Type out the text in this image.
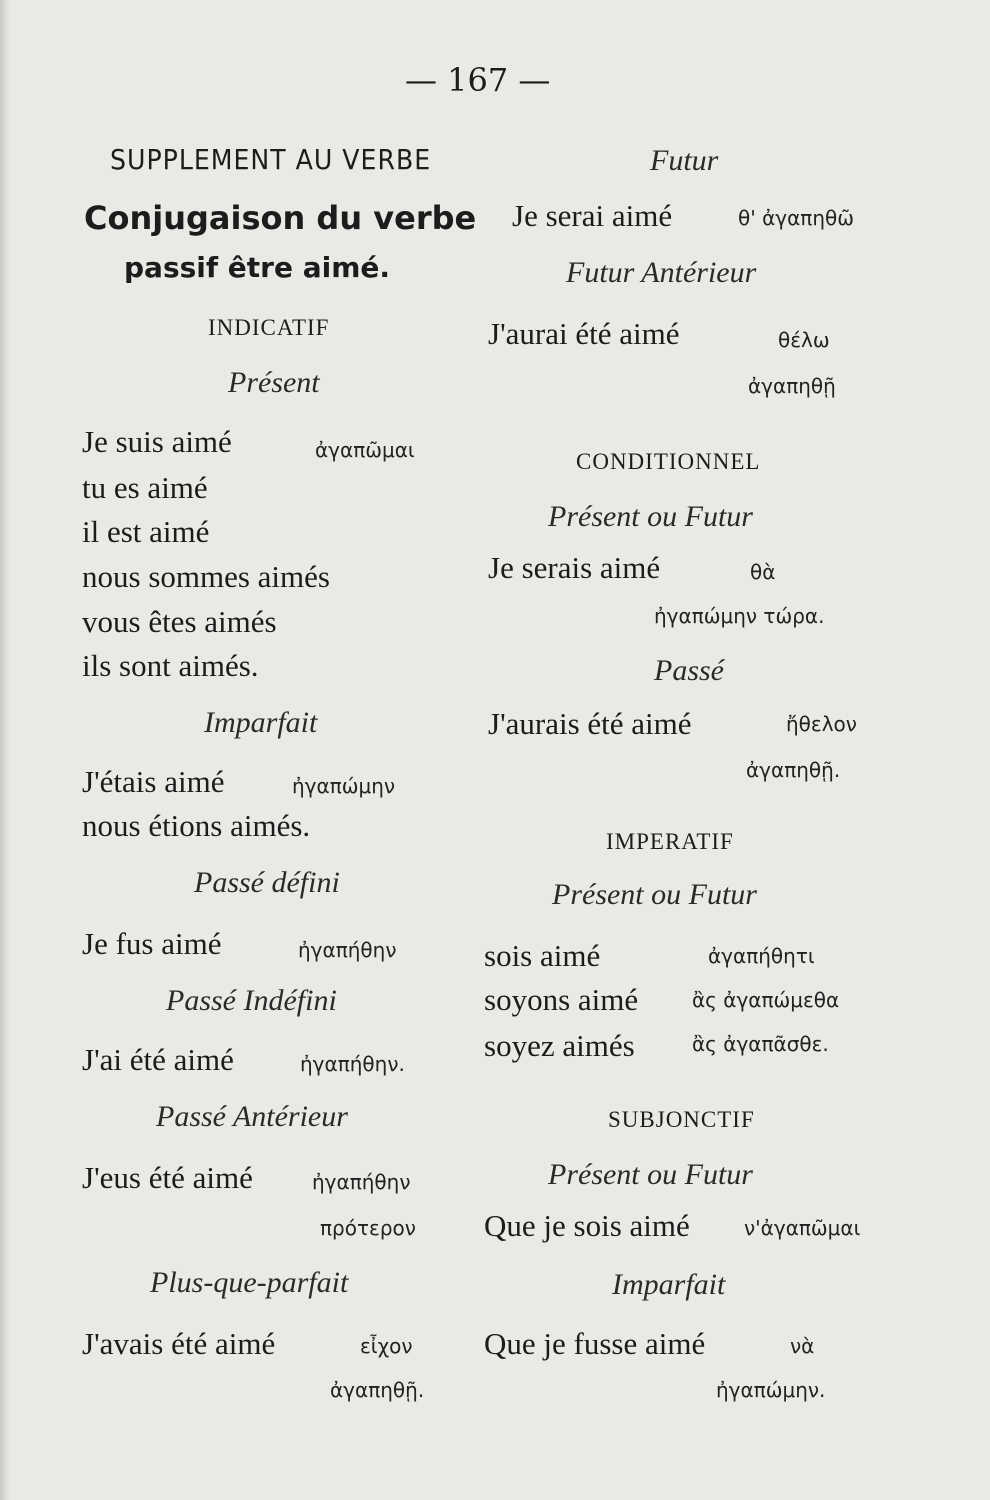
— 167 —
SUPPLEMENT AU VERBE
Conjugaison du verbe
passif être aimé.
INDICATIF
Présent
Je suis aimé	ἀγαπῶμαι
tu es aimé
il est aimé
nous sommes aimés
vous êtes aimés
ils sont aimés.
Imparfait
J'étais aimé	ἠγαπώμην
nous étions aimés.
Passé défini
Je fus aimé	ἠγαπήθην
Passé Indéfini
J'ai été aimé	ἠγαπήθην.
Passé Antérieur
J'eus été aimé	ἠγαπήθην
πρότερον
Plus-que-parfait
J'avais été aimé	εἶχον
ἀγαπηθῇ.
Futur
Je serai aimé	θ' ἀγαπηθῶ
Futur Antérieur
J'aurai été aimé	θέλω
ἀγαπηθῇ
CONDITIONNEL
Présent ou Futur
Je serais aimé	θὰ
ἠγαπώμην τώρα.
Passé
J'aurais été aimé	ἤθελον
ἀγαπηθῇ.
IMPERATIF
Présent ou Futur
sois aimé	ἀγαπήθητι
soyons aimé	ἂς ἀγαπώμεθα
soyez aimés	ἂς ἀγαπᾶσθε.
SUBJONCTIF
Présent ou Futur
Que je sois aimé	ν'ἀγαπῶμαι
Imparfait
Que je fusse aimé	νὰ
ἠγαπώμην.
